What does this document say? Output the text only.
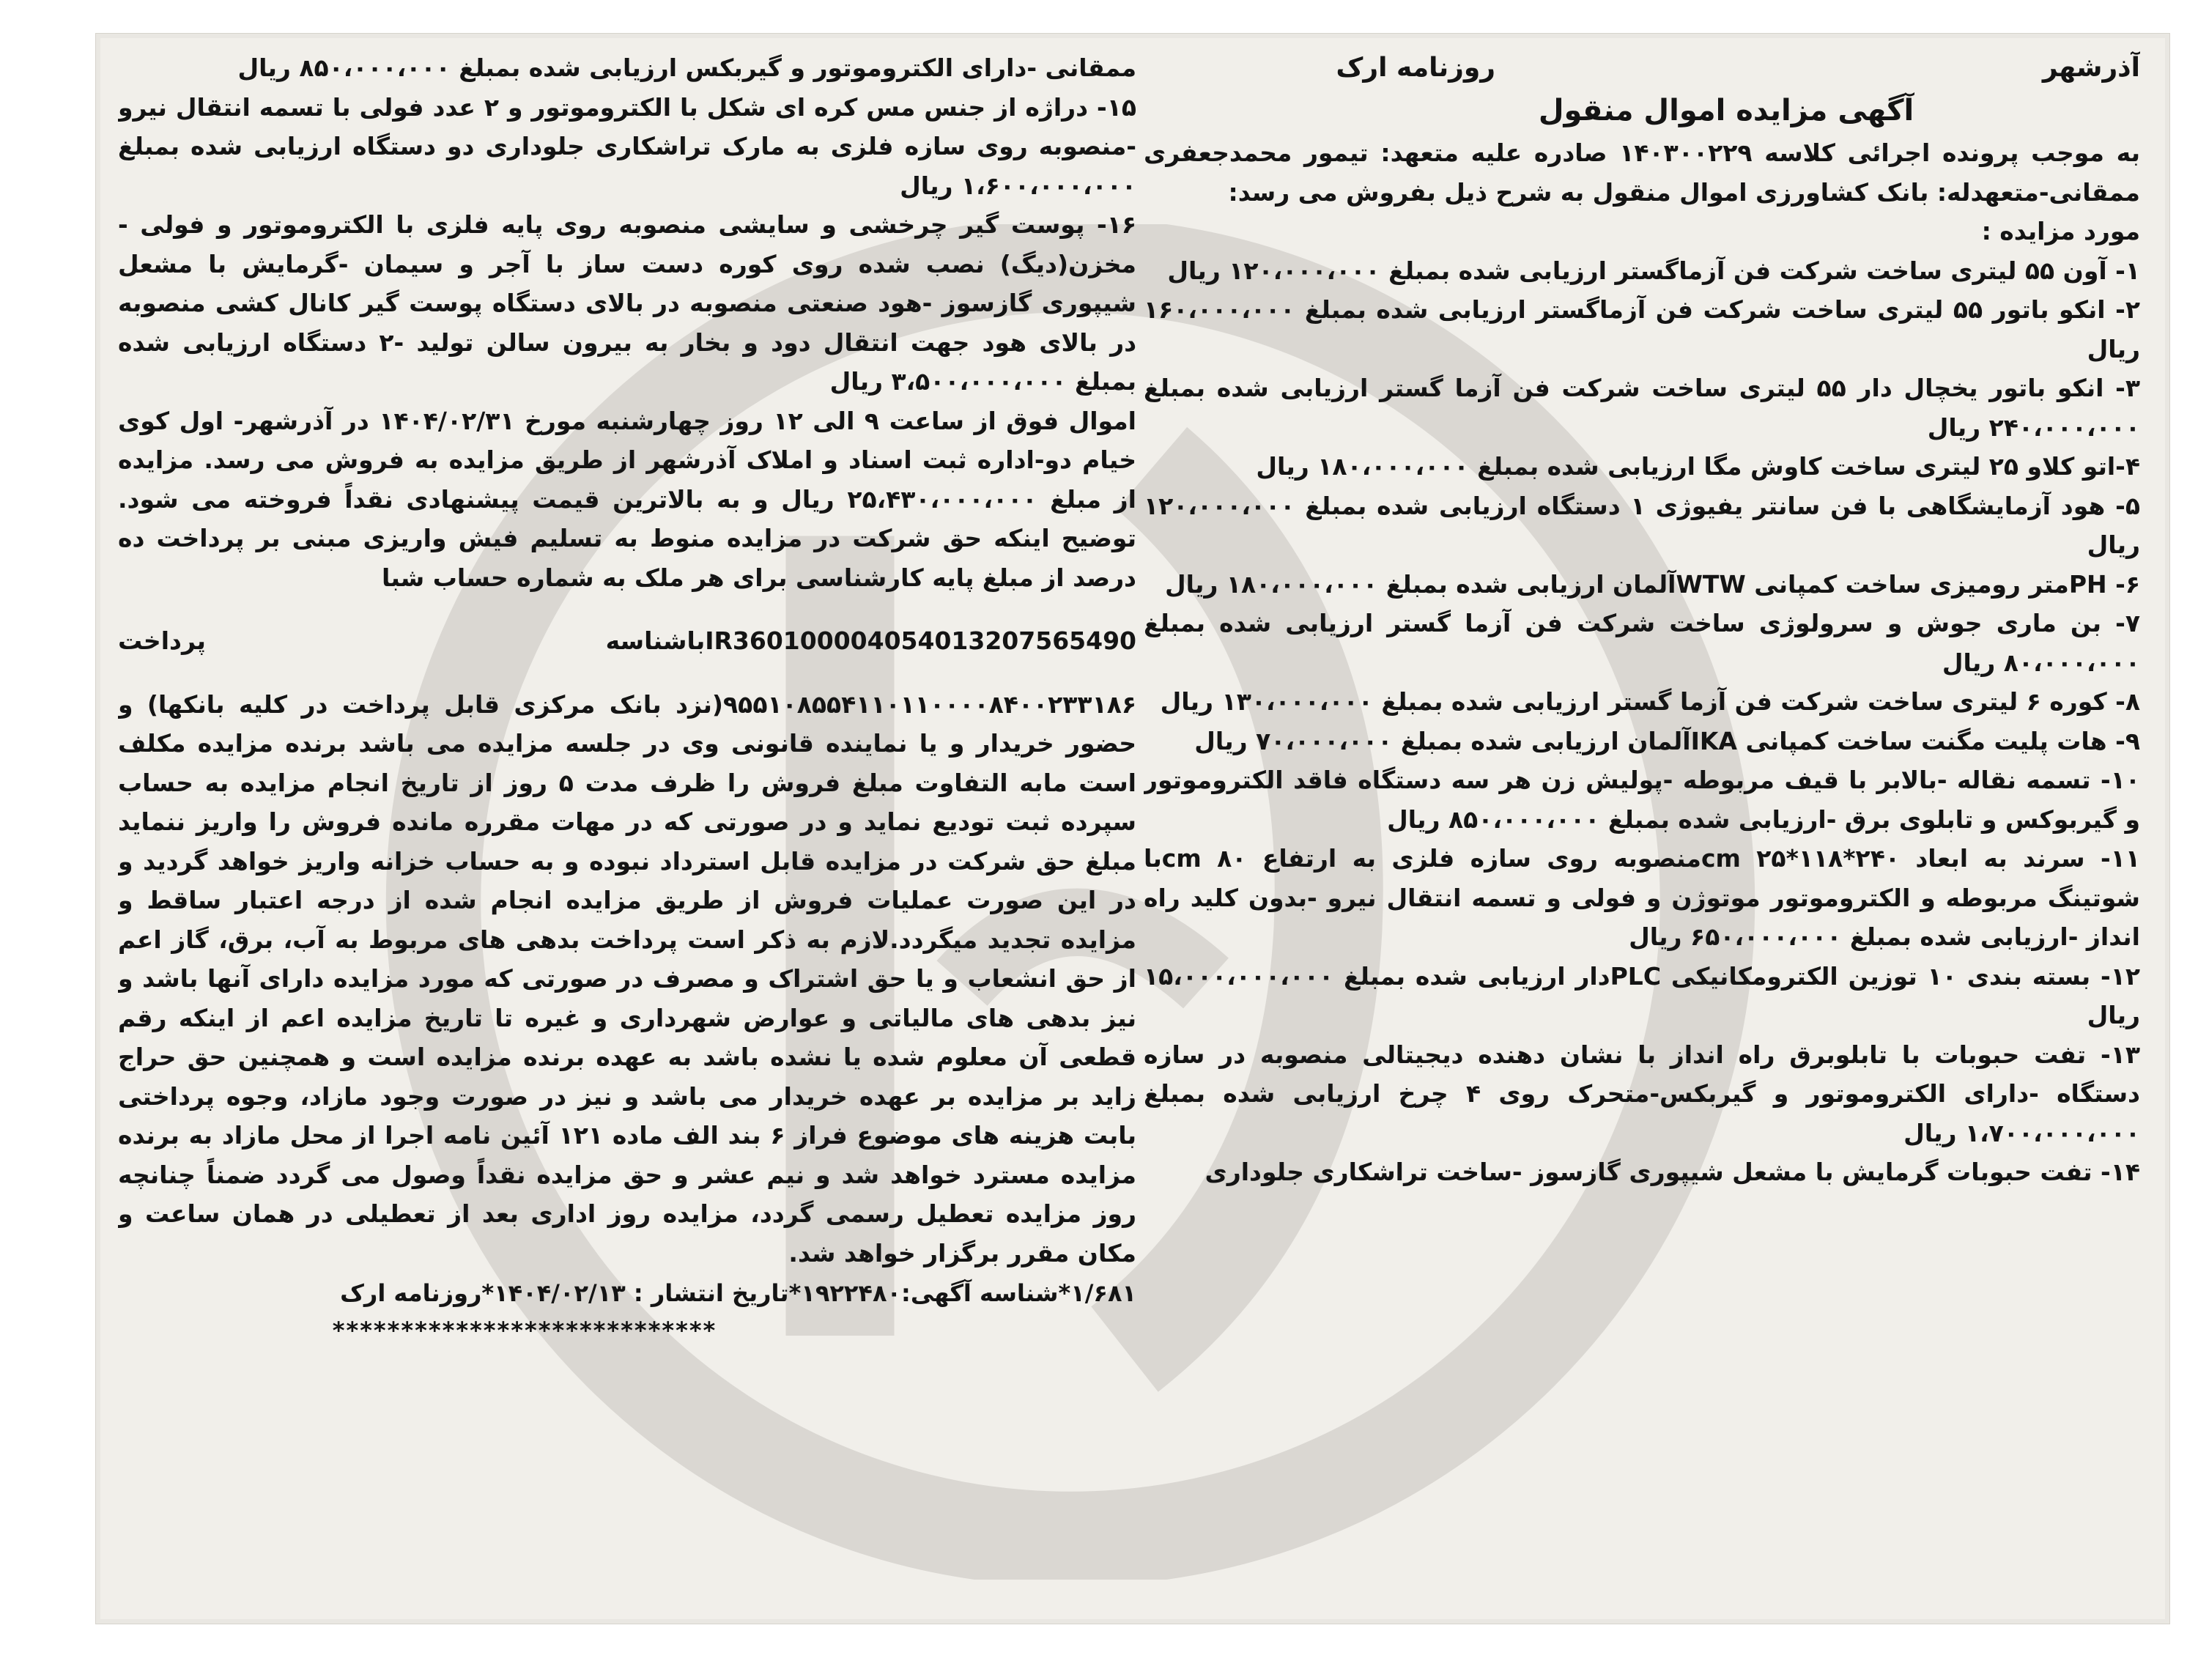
آذرشهر
روزنامه ارک
آگهی مزایده اموال منقول

به موجب پرونده اجرائی کلاسه ۱۴۰۳۰۰۲۲۹ صادره علیه متعهد: تیمور محمدجعفری ممقانی-متعهدله: بانک کشاورزی اموال منقول به شرح ذیل بفروش می رسد:

مورد مزایده :

۱- آون ۵۵ لیتری ساخت شرکت فن آزماگستر ارزیابی شده بمبلغ ۱۲۰،۰۰۰،۰۰۰ ریال

۲- انکو باتور ۵۵ لیتری ساخت شرکت فن آزماگستر ارزیابی شده بمبلغ ۱۶۰،۰۰۰،۰۰۰ ریال

۳- انکو باتور یخچال دار ۵۵ لیتری ساخت شرکت فن آزما گستر ارزیابی شده بمبلغ ۲۴۰،۰۰۰،۰۰۰ ریال

۴-اتو کلاو ۲۵ لیتری ساخت کاوش مگا ارزیابی شده بمبلغ ۱۸۰،۰۰۰،۰۰۰ ریال

۵- هود آزمایشگاهی با فن سانتر یفیوژی ۱ دستگاه ارزیابی شده بمبلغ ۱۲۰،۰۰۰،۰۰۰ ریال

۶- PHمتر رومیزی ساخت کمپانی WTWآلمان ارزیابی شده بمبلغ ۱۸۰،۰۰۰،۰۰۰ ریال

۷- بن ماری جوش و سرولوژی ساخت شرکت فن آزما گستر ارزیابی شده بمبلغ ۸۰،۰۰۰،۰۰۰ ریال

۸- کوره ۶ لیتری ساخت شرکت فن آزما گستر ارزیابی شده بمبلغ ۱۳۰،۰۰۰،۰۰۰ ریال

۹- هات پلیت مگنت ساخت کمپانی IKAآلمان ارزیابی شده بمبلغ ۷۰،۰۰۰،۰۰۰ ریال

۱۰- تسمه نقاله -بالابر با قیف مربوطه -پولیش زن هر سه دستگاه فاقد الکتروموتور و گیربوکس و تابلوی برق -ارزیابی شده بمبلغ ۸۵۰،۰۰۰،۰۰۰ ریال

۱۱- سرند به ابعاد ۲۴۰*۱۱۸*۲۵ cmمنصوبه روی سازه فلزی به ارتفاع ۸۰ cmبا شوتینگ مربوطه و الکتروموتور موتوژن و فولی و تسمه انتقال نیرو -بدون کلید راه انداز -ارزیابی شده بمبلغ ۶۵۰،۰۰۰،۰۰۰ ریال

۱۲- بسته بندی ۱۰ توزین الکترومکانیکی PLCدار ارزیابی شده بمبلغ ۱۵،۰۰۰،۰۰۰،۰۰۰ ریال

۱۳- تفت حبوبات با تابلوبرق راه انداز با نشان دهنده دیجیتالی منصوبه در سازه دستگاه -دارای الکتروموتور و گیربکس-متحرک روی ۴ چرخ ارزیابی شده بمبلغ ۱،۷۰۰،۰۰۰،۰۰۰ ریال

۱۴- تفت حبوبات گرمایش با مشعل شیپوری گازسوز -ساخت تراشکاری جلوداری

ممقانی -دارای الکتروموتور و گیربکس ارزیابی شده بمبلغ ۸۵۰،۰۰۰،۰۰۰ ریال

۱۵- دراژه از جنس مس کره ای شکل با الکتروموتور و ۲ عدد فولی با تسمه انتقال نیرو -منصوبه روی سازه فلزی به مارک تراشکاری جلوداری دو دستگاه ارزیابی شده بمبلغ ۱،۶۰۰،۰۰۰،۰۰۰ ریال

۱۶- پوست گیر چرخشی و سایشی منصوبه روی پایه فلزی با الکتروموتور و فولی - مخزن(دیگ) نصب شده روی کوره دست ساز با آجر و سیمان -گرمایش با مشعل شیپوری گازسوز -هود صنعتی منصوبه در بالای دستگاه پوست گیر کانال کشی منصوبه در بالای هود جهت انتقال دود و بخار به بیرون سالن تولید -۲ دستگاه ارزیابی شده بمبلغ ۳،۵۰۰،۰۰۰،۰۰۰ ریال

اموال فوق از ساعت ۹ الی ۱۲ روز چهارشنبه مورخ ۱۴۰۴/۰۲/۳۱ در آذرشهر- اول کوی خیام دو-اداره ثبت اسناد و املاک آذرشهر از طریق مزایده به فروش می رسد. مزایده از مبلغ ۲۵،۴۳۰،۰۰۰،۰۰۰ ریال و به بالاترین قیمت پیشنهادی نقداً فروخته می شود. توضیح اینکه حق شرکت در مزایده منوط به تسلیم فیش واریزی مبنی بر پرداخت ده درصد از مبلغ پایه کارشناسی برای هر ملک به شماره حساب شبا

IR360100004054013207565490باشناسه پرداخت

۹۵۵۱۰۸۵۵۴۱۱۰۱۱۰۰۰۰۸۴۰۰۲۳۳۱۸۶(نزد بانک مرکزی قابل پرداخت در کلیه بانکها) و حضور خریدار و یا نماینده قانونی وی در جلسه مزایده می باشد برنده مزایده مکلف است مابه التفاوت مبلغ فروش را ظرف مدت ۵ روز از تاریخ انجام مزایده به حساب سپرده ثبت تودیع نماید و در صورتی که در مهات مقرره مانده فروش را واریز ننماید مبلغ حق شرکت در مزایده قابل استرداد نبوده و به حساب خزانه واریز خواهد گردید و در این صورت عملیات فروش از طریق مزایده انجام شده از درجه اعتبار ساقط و مزایده تجدید میگردد.لازم به ذکر است پرداخت بدهی های مربوط به آب، برق، گاز اعم از حق انشعاب و یا حق اشتراک و مصرف در صورتی که مورد مزایده دارای آنها باشد و نیز بدهی های مالیاتی و عوارض شهرداری و غیره تا تاریخ مزایده اعم از اینکه رقم قطعی آن معلوم شده یا نشده باشد به عهده برنده مزایده است و همچنین حق حراج زاید بر مزایده بر عهده خریدار می باشد و نیز در صورت وجود مازاد، وجوه پرداختی بابت هزینه های موضوع فراز ۶ بند الف ماده ۱۲۱ آئین نامه اجرا از محل مازاد به برنده مزایده مسترد خواهد شد و نیم عشر و حق مزایده نقداً وصول می گردد ضمناً چنانچه روز مزایده تعطیل رسمی گردد، مزایده روز اداری بعد از تعطیلی در همان ساعت و مکان مقرر برگزار خواهد شد.

۱/۶۸۱*شناسه آگهی:۱۹۲۲۴۸۰*تاریخ انتشار : ۱۴۰۴/۰۲/۱۳*روزنامه ارک
****************************
